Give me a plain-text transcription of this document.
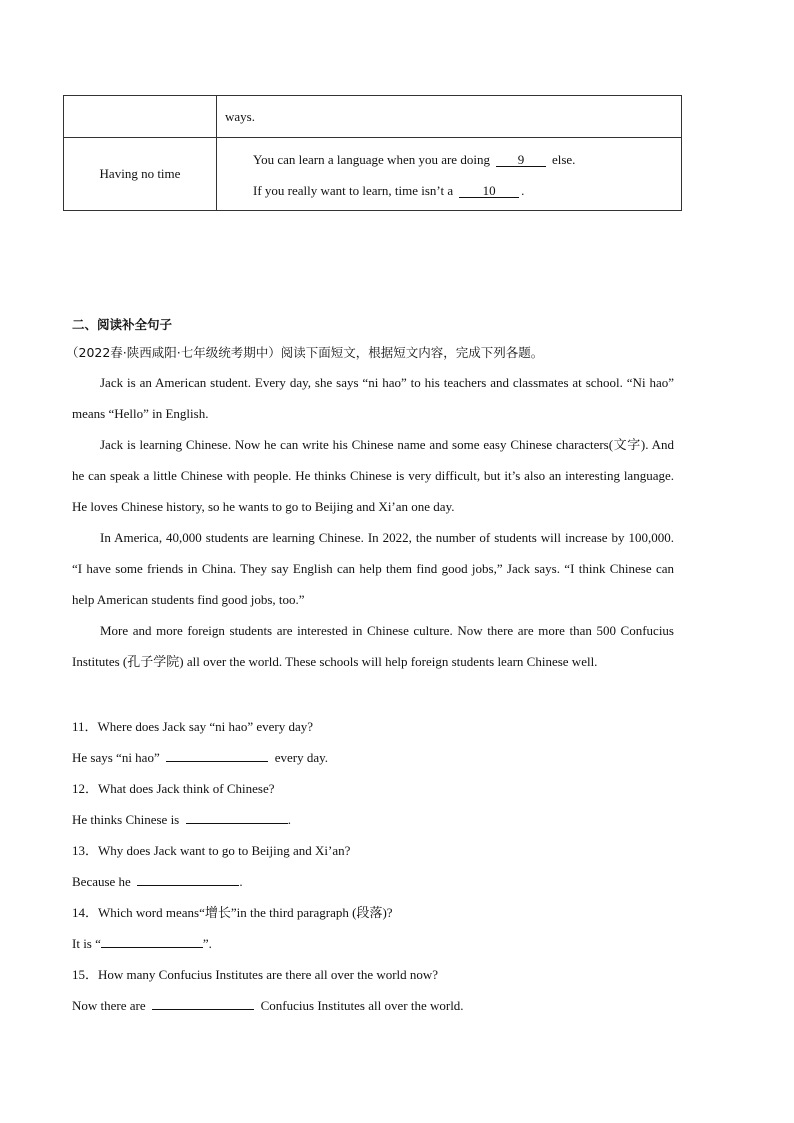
	ways.
Having no time	You can learn a language when you are doing 9 else.
If you really want to learn, time isn’t a 10 .
二、阅读补全句子
（2022春·陕西咸阳·七年级统考期中）阅读下面短文，根据短文内容，完成下列各题。

Jack is an American student. Every day, she says “ni hao” to his teachers and classmates at school. “Ni hao” means “Hello” in English.

Jack is learning Chinese. Now he can write his Chinese name and some easy Chinese characters(文字). And he can speak a little Chinese with people. He thinks Chinese is very difficult, but it’s also an interesting language. He loves Chinese history, so he wants to go to Beijing and Xi’an one day.

In America, 40,000 students are learning Chinese. In 2022, the number of students will increase by 100,000. “I have some friends in China. They say English can help them find good jobs,” Jack says. “I think Chinese can help American students find good jobs, too.”

More and more foreign students are interested in Chinese culture. Now there are more than 500 Confucius Institutes (孔子学院) all over the world. These schools will help foreign students learn Chinese well.

11．Where does Jack say “ni hao” every day?

He says “ni hao”	every day.

12．What does Jack think of Chinese?

He thinks Chinese is	.

13．Why does Jack want to go to Beijing and Xi’an?

Because he	.

14．Which word means“增长”in the third paragraph (段落)?

It is “	”.

15．How many Confucius Institutes are there all over the world now?

Now there are	Confucius Institutes all over the world.
